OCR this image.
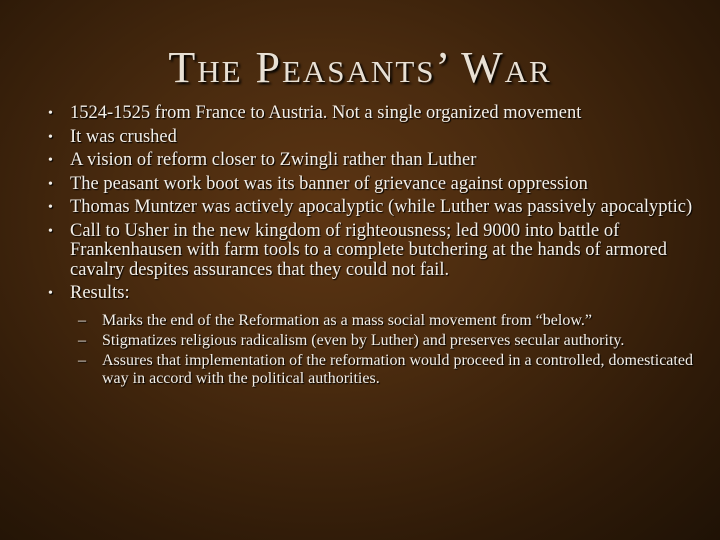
The Peasants’ War
• 1524-1525 from France to Austria. Not a single organized movement
• It was crushed
• A vision of reform closer to Zwingli rather than Luther
• The peasant work boot was its banner of grievance against oppression
• Thomas Muntzer was actively apocalyptic (while Luther was passively apocalyptic)
• Call to Usher in the new kingdom of righteousness; led 9000 into battle of Frankenhausen with farm tools to a complete butchering at the hands of armored cavalry despites assurances that they could not fail.
• Results:
– Marks the end of the Reformation as a mass social movement from “below.”
– Stigmatizes religious radicalism (even by Luther) and preserves secular authority.
– Assures that implementation of the reformation would proceed in a controlled, domesticated way in accord with the political authorities.
